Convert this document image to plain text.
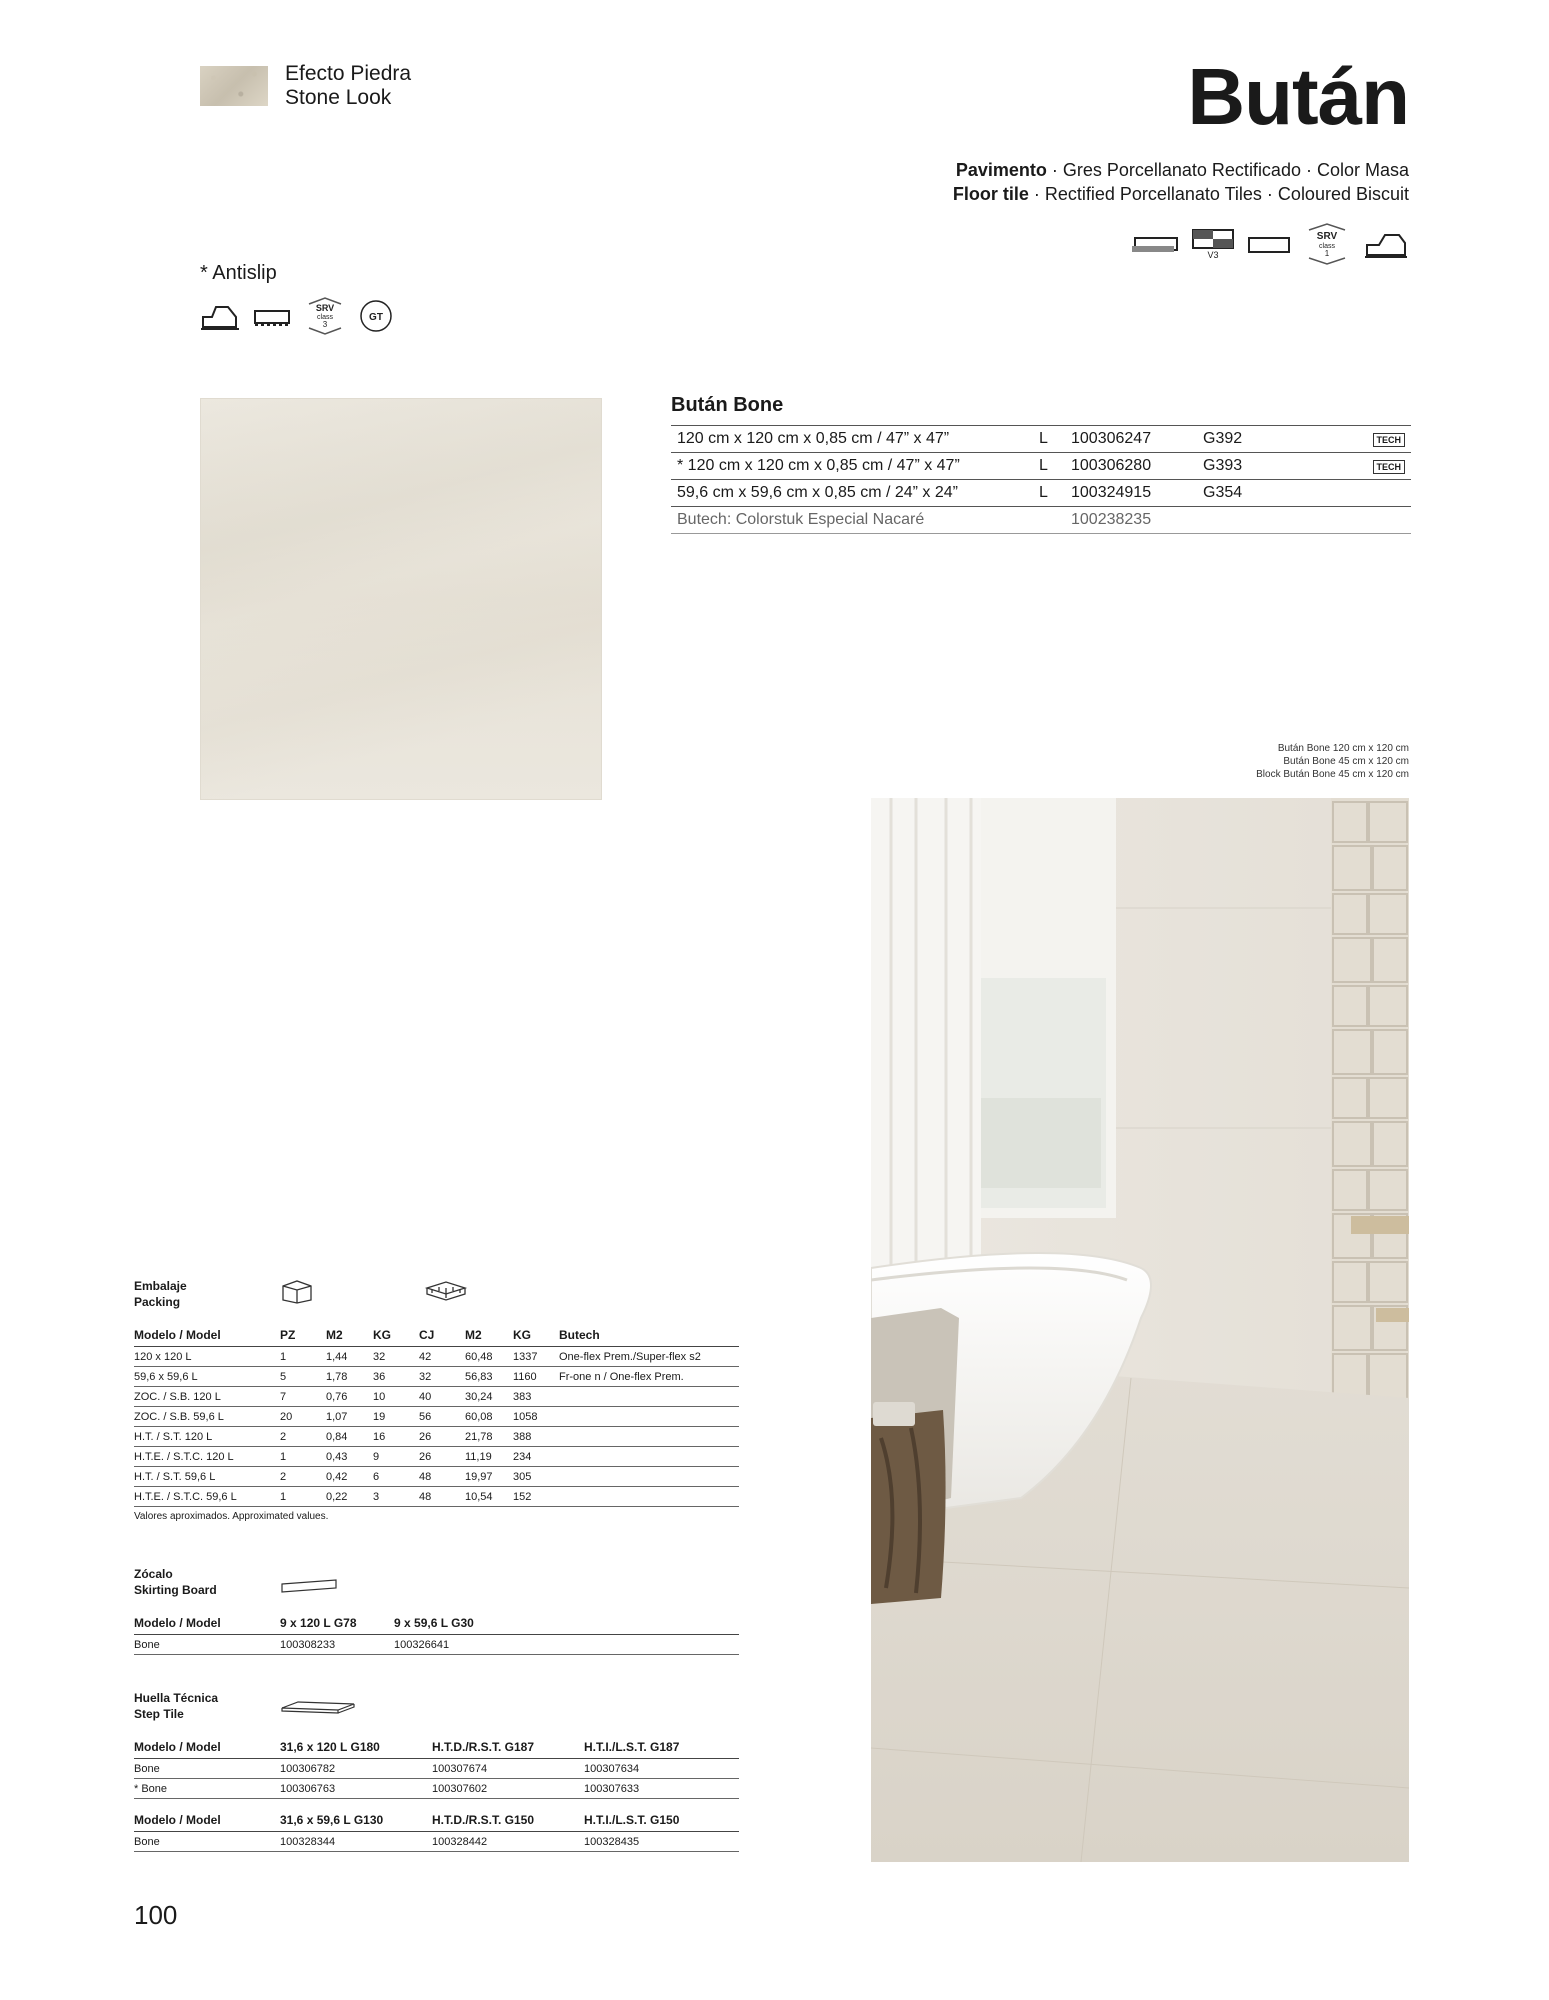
Efecto Piedra
Stone Look	Bután
Pavimento · Gres Porcellanato Rectificado · Color Masa
Floor tile · Rectified Porcellanato Tiles · Coloured Biscuit
V3
SRV
class
1
* Antislip
SRV
class
3
GT
Bután Bone
120 cm x 120 cm x 0,85 cm / 47” x 47”	L	100306247	G392	TECH
* 120 cm x 120 cm x 0,85 cm / 47” x 47”	L	100306280	G393	TECH
59,6 cm x 59,6 cm x 0,85 cm / 24” x 24”	L	100324915	G354	
Butech: Colorstuk Especial Nacaré		100238235		
Bután Bone 120 cm x 120 cm
Bután Bone 45 cm x 120 cm
Block Bután Bone 45 cm x 120 cm
Embalaje
Packing
Modelo / Model	PZ	M2	KG	CJ	M2	KG	Butech
120 x 120 L	1	1,44	32	42	60,48	1337	One-flex Prem./Super-flex s2
59,6 x 59,6 L	5	1,78	36	32	56,83	1160	Fr-one n / One-flex Prem.
ZOC. / S.B. 120 L	7	0,76	10	40	30,24	383	
ZOC. / S.B. 59,6 L	20	1,07	19	56	60,08	1058	
H.T. / S.T. 120 L	2	0,84	16	26	21,78	388	
H.T.E. / S.T.C. 120 L	1	0,43	9	26	11,19	234	
H.T. / S.T. 59,6 L	2	0,42	6	48	19,97	305	
H.T.E. / S.T.C. 59,6 L	1	0,22	3	48	10,54	152	
Valores aproximados. Approximated values.
Zócalo
Skirting Board
Modelo / Model	9 x 120 L G78	9 x 59,6 L G30
Bone	100308233	100326641
Huella Técnica
Step Tile
Modelo / Model	31,6 x 120 L G180	H.T.D./R.S.T. G187	H.T.I./L.S.T. G187
Bone	100306782	100307674	100307634
* Bone	100306763	100307602	100307633
Modelo / Model	31,6 x 59,6 L G130	H.T.D./R.S.T. G150	H.T.I./L.S.T. G150
Bone	100328344	100328442	100328435
100
